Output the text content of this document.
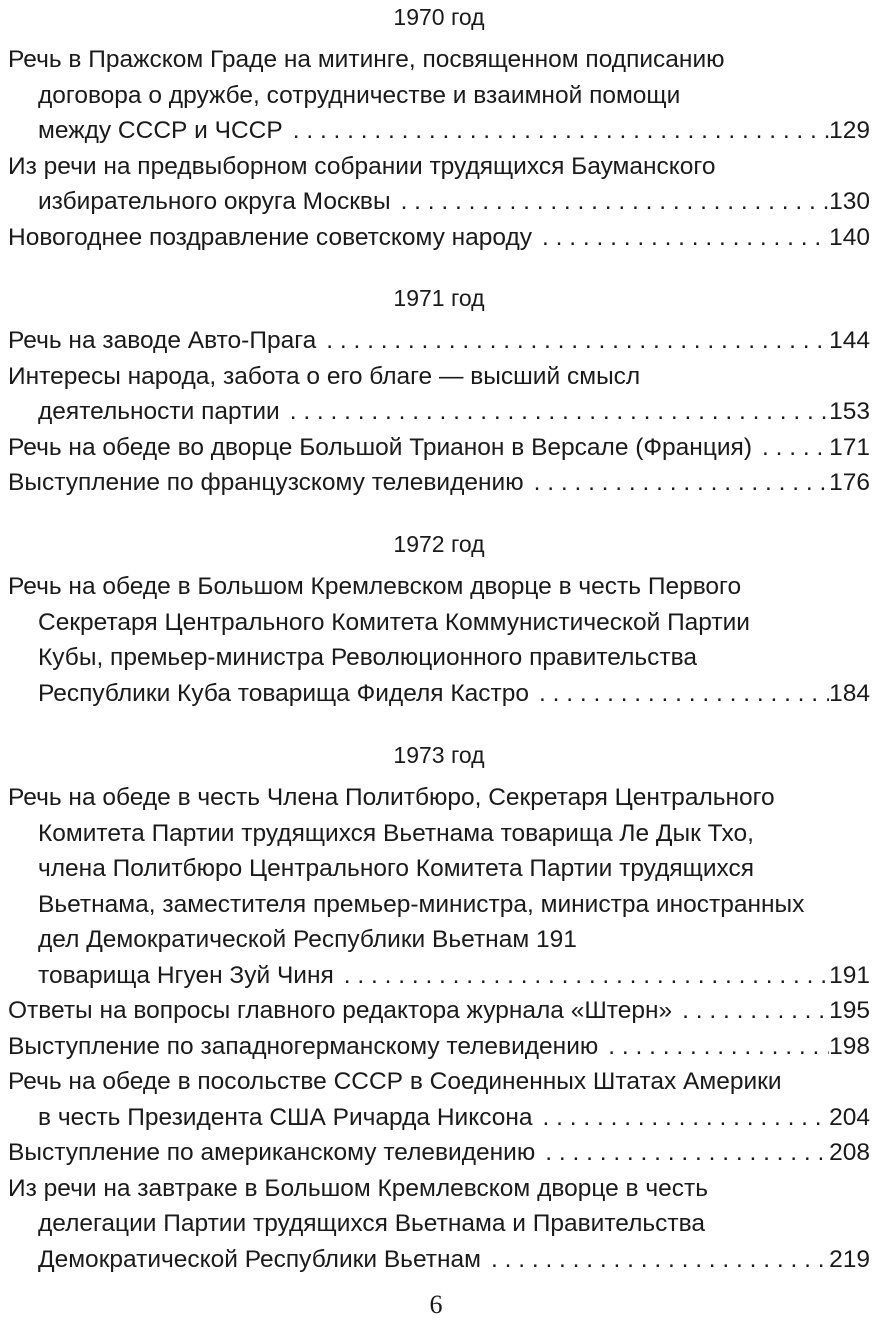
1970 год
Речь в Пражском Граде на митинге, посвященном подписанию
договора о дружбе, сотрудничестве и взаимной помощи
между СССР и ЧССР . . .	129
Из речи на предвыборном собрании трудящихся Бауманского
избирательного округа Москвы . . .	130
Новогоднее поздравление советскому народу . . .	140
1971 год
Речь на заводе Авто-Прага . . .	144
Интересы народа, забота о его благе — высший смысл
деятельности партии . . .	153
Речь на обеде во дворце Большой Трианон в Версале (Франция) . . .	171
Выступление по французскому телевидению . . .	176
1972 год
Речь на обеде в Большом Кремлевском дворце в честь Первого
Секретаря Центрального Комитета Коммунистической Партии
Кубы, премьер-министра Революционного правительства
Республики Куба товарища Фиделя Кастро . . .	184
1973 год
Речь на обеде в честь Члена Политбюро, Секретаря Центрального
Комитета Партии трудящихся Вьетнама товарища Ле Дык Тхо,
члена Политбюро Центрального Комитета Партии трудящихся
Вьетнама, заместителя премьер-министра, министра иностранных
дел Демократической Республики Вьетнам 191
товарища Нгуен Зуй Чиня . . .	191
Ответы на вопросы главного редактора журнала «Штерн» . . .	195
Выступление по западногерманскому телевидению . . .	198
Речь на обеде в посольстве СССР в Соединенных Штатах Америки
в честь Президента США Ричарда Никсона . . .	204
Выступление по американскому телевидению . . .	208
Из речи на завтраке в Большом Кремлевском дворце в честь
делегации Партии трудящихся Вьетнама и Правительства
Демократической Республики Вьетнам . . .	219
6
